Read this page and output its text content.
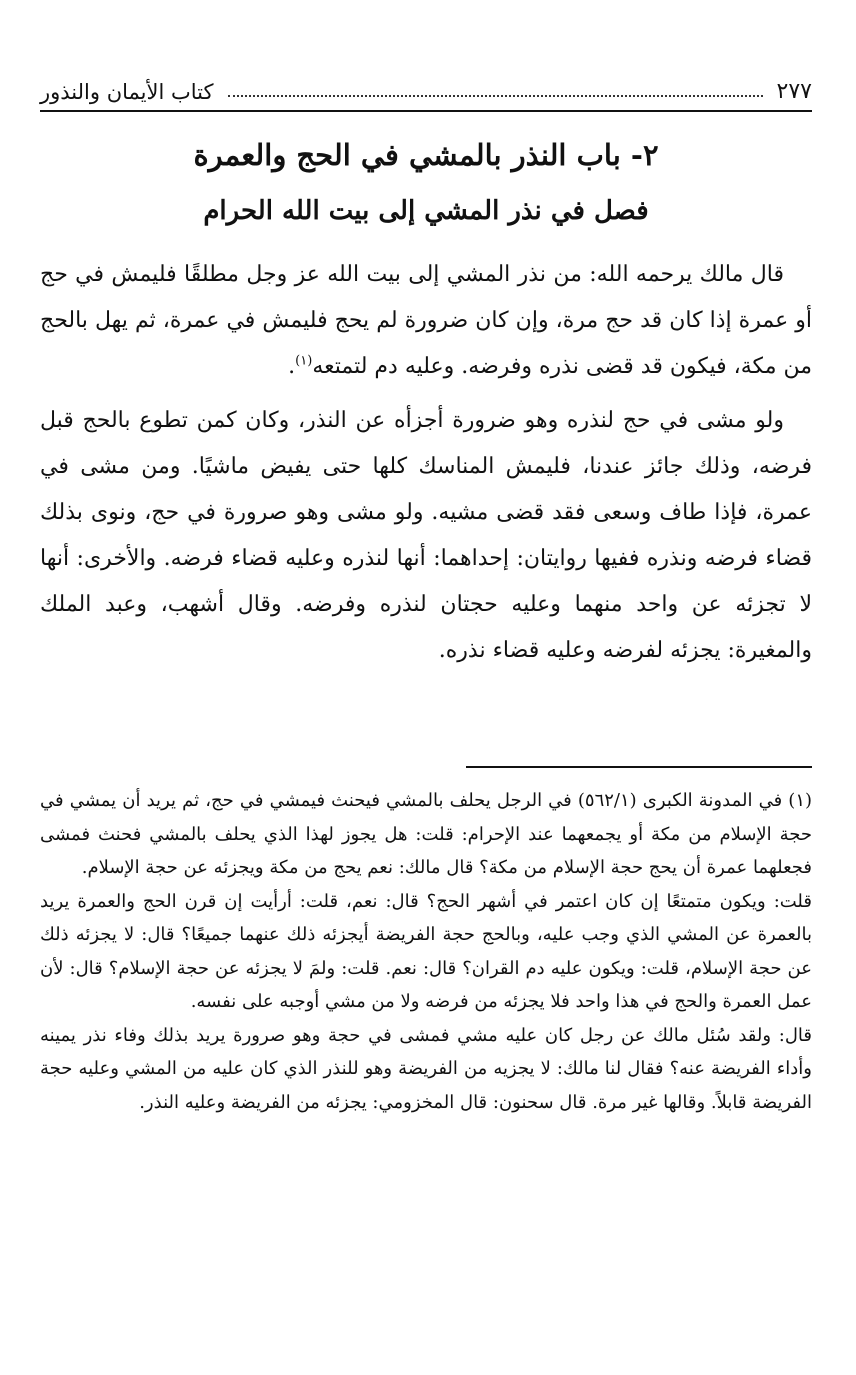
٢٧٧
كتاب الأيمان والنذور
٢- باب النذر بالمشي في الحج والعمرة
فصل في نذر المشي إلى بيت الله الحرام

قال مالك يرحمه الله: من نذر المشي إلى بيت الله عز وجل مطلقًا فليمش في حج أو عمرة إذا كان قد حج مرة، وإن كان ضرورة لم يحج فليمش في عمرة، ثم يهل بالحج من مكة، فيكون قد قضى نذره وفرضه. وعليه دم لتمتعه$^{(١)}$.

ولو مشى في حج لنذره وهو ضرورة أجزأه عن النذر، وكان كمن تطوع بالحج قبل فرضه، وذلك جائز عندنا، فليمش المناسك كلها حتى يفيض ماشيًا. ومن مشى في عمرة، فإذا طاف وسعى فقد قضى مشيه. ولو مشى وهو صرورة في حج، ونوى بذلك قضاء فرضه ونذره ففيها روايتان: إحداهما: أنها لنذره وعليه قضاء فرضه. والأخرى: أنها لا تجزئه عن واحد منهما وعليه حجتان لنذره وفرضه. وقال أشهب، وعبد الملك والمغيرة: يجزئه لفرضه وعليه قضاء نذره.

(١) في المدونة الكبرى (٥٦٢/١) في الرجل يحلف بالمشي فيحنث فيمشي في حج، ثم يريد أن يمشي في حجة الإسلام من مكة أو يجمعهما عند الإحرام: قلت: هل يجوز لهذا الذي يحلف بالمشي فحنث فمشى فجعلهما عمرة أن يحج حجة الإسلام من مكة؟ قال مالك: نعم يحج من مكة ويجزئه عن حجة الإسلام.

قلت: ويكون متمتعًا إن كان اعتمر في أشهر الحج؟ قال: نعم، قلت: أرأيت إن قرن الحج والعمرة يريد بالعمرة عن المشي الذي وجب عليه، وبالحج حجة الفريضة أيجزئه ذلك عنهما جميعًا؟ قال: لا يجزئه ذلك عن حجة الإسلام، قلت: ويكون عليه دم القران؟ قال: نعم. قلت: ولمَ لا يجزئه عن حجة الإسلام؟ قال: لأن عمل العمرة والحج في هذا واحد فلا يجزئه من فرضه ولا من مشي أوجبه على نفسه.

قال: ولقد سُئل مالك عن رجل كان عليه مشي فمشى في حجة وهو صرورة يريد بذلك وفاء نذر يمينه وأداء الفريضة عنه؟ فقال لنا مالك: لا يجزيه من الفريضة وهو للنذر الذي كان عليه من المشي وعليه حجة الفريضة قابلاً. وقالها غير مرة. قال سحنون: قال المخزومي: يجزئه من الفريضة وعليه النذر.
